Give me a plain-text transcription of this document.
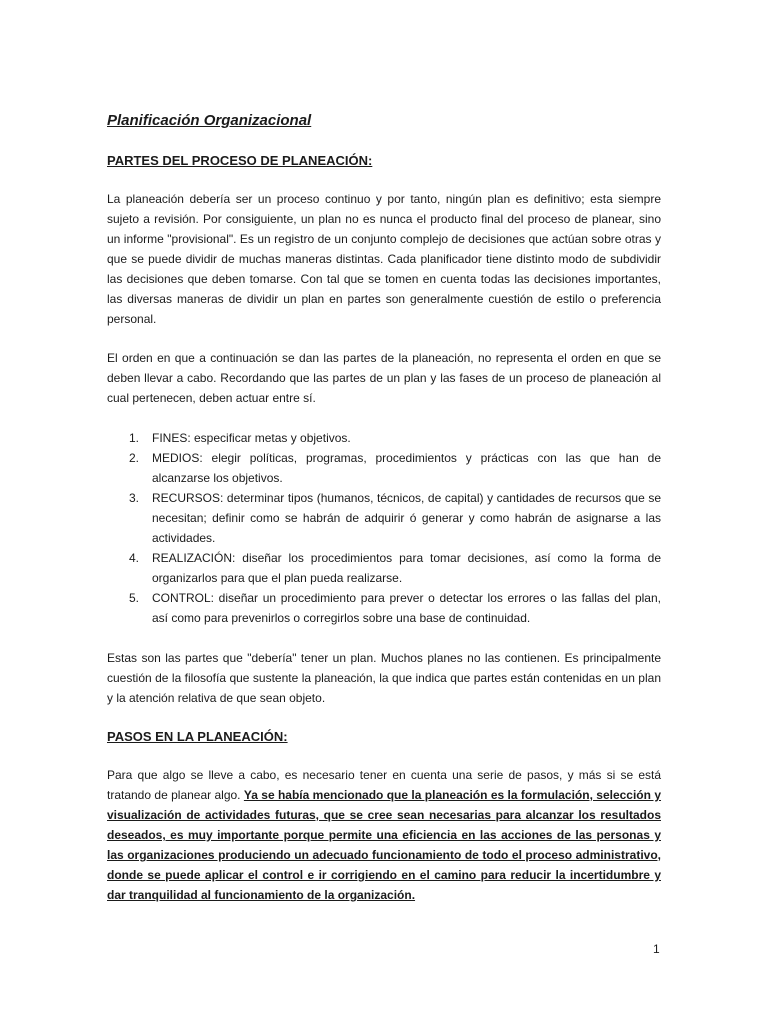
Planificación Organizacional
PARTES DEL PROCESO DE PLANEACIÓN:

La planeación debería ser un proceso continuo y por tanto, ningún plan es definitivo; esta siempre sujeto a revisión. Por consiguiente, un plan no es nunca el producto final del proceso de planear, sino un informe "provisional". Es un registro de un conjunto complejo de decisiones que actúan sobre otras y que se puede dividir de muchas maneras distintas. Cada planificador tiene distinto modo de subdividir las decisiones que deben tomarse. Con tal que se tomen en cuenta todas las decisiones importantes, las diversas maneras de dividir un plan en partes son generalmente cuestión de estilo o preferencia personal.

El orden en que a continuación se dan las partes de la planeación, no representa el orden en que se deben llevar a cabo. Recordando que las partes de un plan y las fases de un proceso de planeación al cual pertenecen, deben actuar entre sí.

1. FINES: especificar metas y objetivos.
2. MEDIOS: elegir políticas, programas, procedimientos y prácticas con las que han de alcanzarse los objetivos.
3. RECURSOS: determinar tipos (humanos, técnicos, de capital) y cantidades de recursos que se necesitan; definir como se habrán de adquirir ó generar y como habrán de asignarse a las actividades.
4. REALIZACIÓN: diseñar los procedimientos para tomar decisiones, así como la forma de organizarlos para que el plan pueda realizarse.
5. CONTROL: diseñar un procedimiento para prever o detectar los errores o las fallas del plan, así como para prevenirlos o corregirlos sobre una base de continuidad.

Estas son las partes que "debería" tener un plan. Muchos planes no las contienen. Es principalmente cuestión de la filosofía que sustente la planeación, la que indica que partes están contenidas en un plan y la atención relativa de que sean objeto.

PASOS EN LA PLANEACIÓN:

Para que algo se lleve a cabo, es necesario tener en cuenta una serie de pasos, y más si se está tratando de planear algo. Ya se había mencionado que la planeación es la formulación, selección y visualización de actividades futuras, que se cree sean necesarias para alcanzar los resultados deseados, es muy importante porque permite una eficiencia en las acciones de las personas y las organizaciones produciendo un adecuado funcionamiento de todo el proceso administrativo, donde se puede aplicar el control e ir corrigiendo en el camino para reducir la incertidumbre y dar tranquilidad al funcionamiento de la organización.

1
